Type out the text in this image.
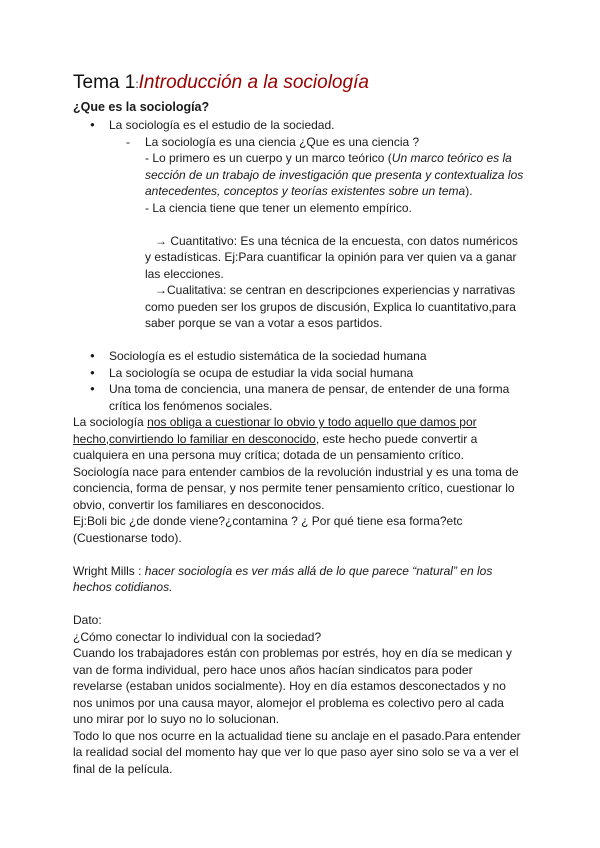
Tema 1:Introducción a la sociología
¿Que es la sociología?
● La sociología es el estudio de la sociedad.
- La sociología es una ciencia ¿Que es una ciencia ?
- Lo primero es un cuerpo y un marco teórico (Un marco teórico es la
sección de un trabajo de investigación que presenta y contextualiza los
antecedentes, conceptos y teorías existentes sobre un tema).
- La ciencia tiene que tener un elemento empírico.
→ Cuantitativo: Es una técnica de la encuesta, con datos numéricos
y estadísticas. Ej:Para cuantificar la opinión para ver quien va a ganar
las elecciones.
→Cualitativa: se centran en descripciones experiencias y narrativas
como pueden ser los grupos de discusión, Explica lo cuantitativo,para
saber porque se van a votar a esos partidos.
● Sociología es el estudio sistemática de la sociedad humana
● La sociología se ocupa de estudiar la vida social humana
● Una toma de conciencia, una manera de pensar, de entender de una forma
crítica los fenómenos sociales.
La sociología nos obliga a cuestionar lo obvio y todo aquello que damos por
hecho,convirtiendo lo familiar en desconocido, este hecho puede convertir a
cualquiera en una persona muy crítica; dotada de un pensamiento crítico.
Sociología nace para entender cambios de la revolución industrial y es una toma de
conciencia, forma de pensar, y nos permite tener pensamiento crítico, cuestionar lo
obvio, convertir los familiares en desconocidos.
Ej:Boli bic ¿de donde viene?¿contamina ? ¿ Por qué tiene esa forma?etc
(Cuestionarse todo).
Wright Mills : hacer sociología es ver más allá de lo que parece “natural” en los
hechos cotidianos.
Dato:
¿Cómo conectar lo individual con la sociedad?
Cuando los trabajadores están con problemas por estrés, hoy en día se medican y
van de forma individual, pero hace unos años hacían sindicatos para poder
revelarse (estaban unidos socialmente). Hoy en día estamos desconectados y no
nos unimos por una causa mayor, alomejor el problema es colectivo pero al cada
uno mirar por lo suyo no lo solucionan.
Todo lo que nos ocurre en la actualidad tiene su anclaje en el pasado.Para entender
la realidad social del momento hay que ver lo que paso ayer sino solo se va a ver el
final de la película.
